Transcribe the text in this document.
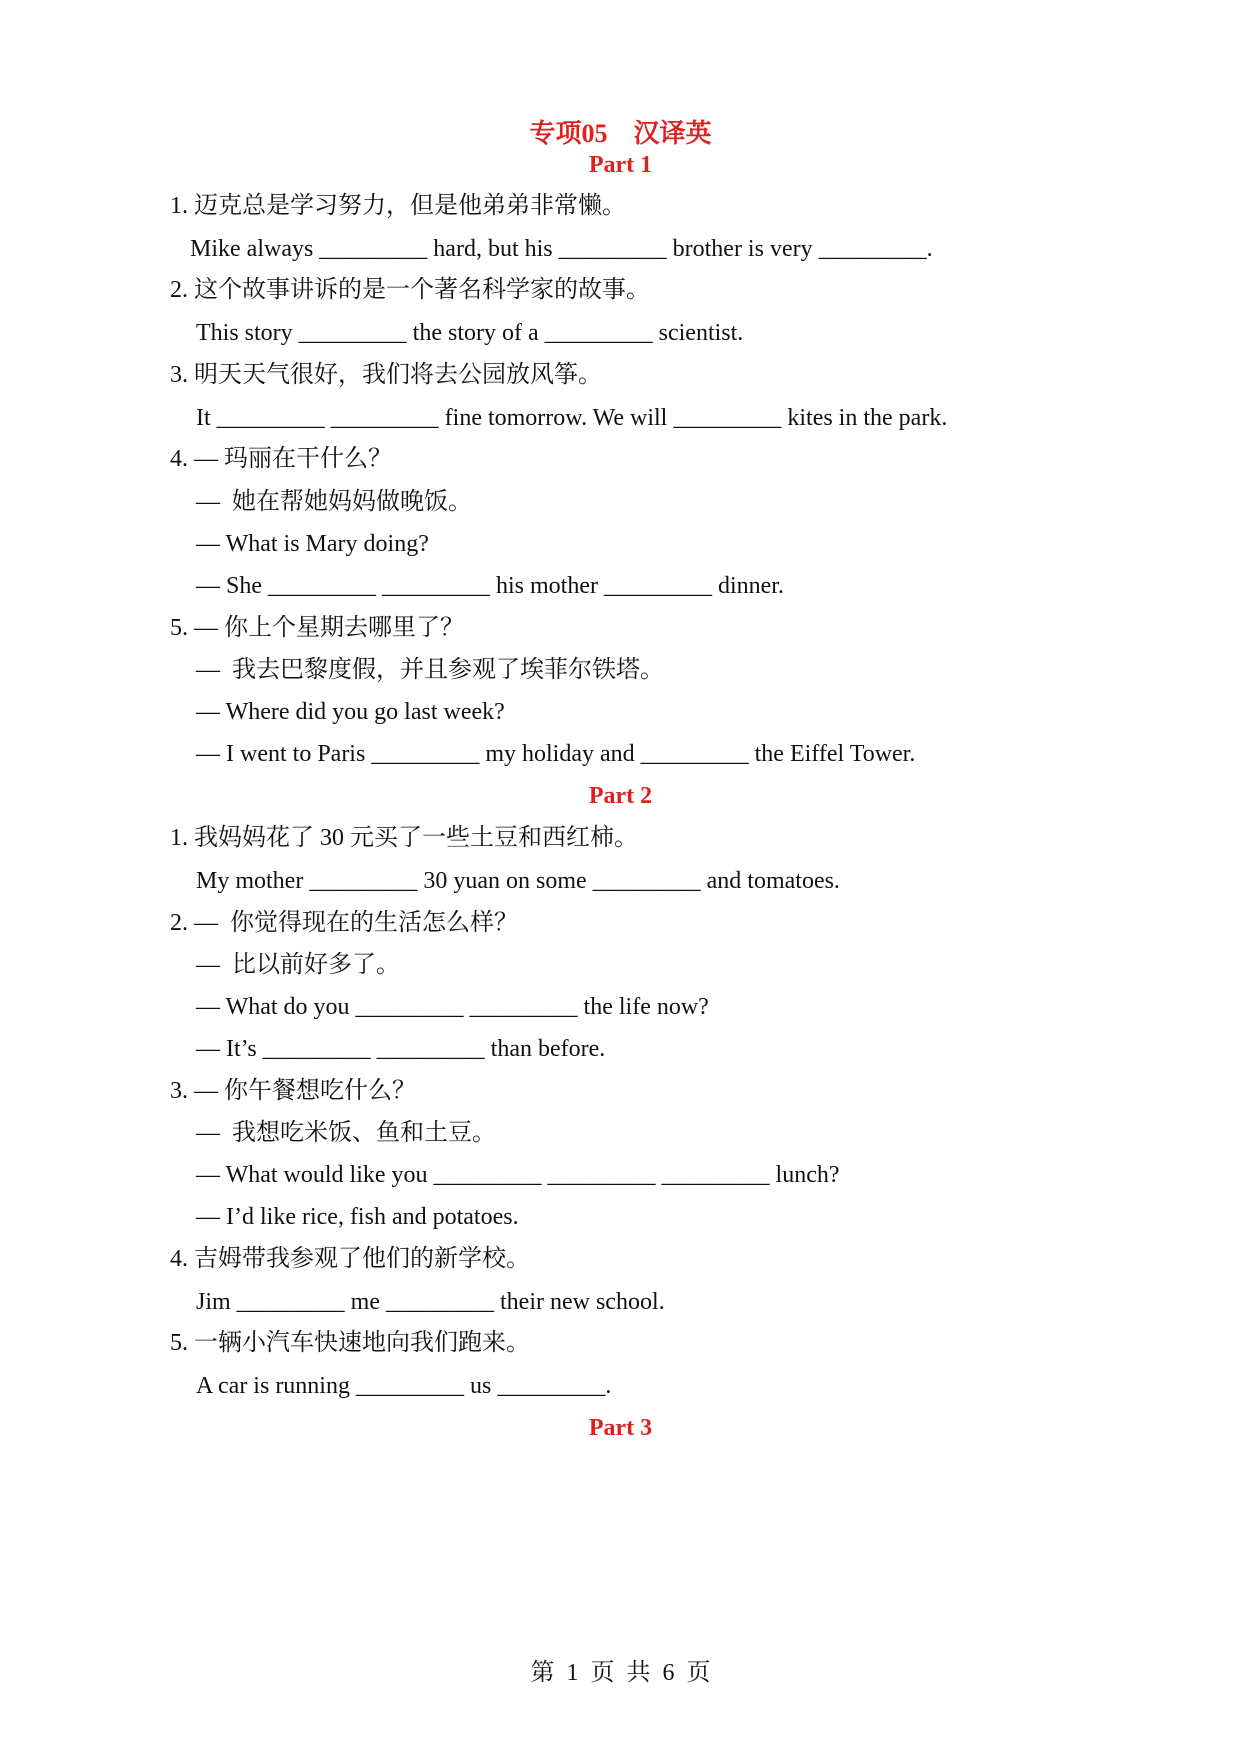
专项05　汉译英
Part 1
1. 迈克总是学习努力，但是他弟弟非常懒。
Mike always _________ hard, but his _________ brother is very _________.
2. 这个故事讲诉的是一个著名科学家的故事。
This story _________ the story of a _________ scientist.
3. 明天天气很好，我们将去公园放风筝。
It _________ _________ fine tomorrow. We will _________ kites in the park.
4. — 玛丽在干什么？
—  她在帮她妈妈做晚饭。
— What is Mary doing?
— She _________ _________ his mother _________ dinner.
5. — 你上个星期去哪里了？
—  我去巴黎度假，并且参观了埃菲尔铁塔。
— Where did you go last week?
— I went to Paris _________ my holiday and _________ the Eiffel Tower.
Part 2
1. 我妈妈花了 30 元买了一些土豆和西红柿。
My mother _________ 30 yuan on some _________ and tomatoes.
2. —  你觉得现在的生活怎么样？
—  比以前好多了。
— What do you _________ _________ the life now?
— It’s _________ _________ than before.
3. — 你午餐想吃什么？
—  我想吃米饭、鱼和土豆。
— What would like you _________ _________ _________ lunch?
— I’d like rice, fish and potatoes.
4. 吉姆带我参观了他们的新学校。
Jim _________ me _________ their new school.
5. 一辆小汽车快速地向我们跑来。
A car is running _________ us _________.
Part 3
第 1 页 共 6 页
